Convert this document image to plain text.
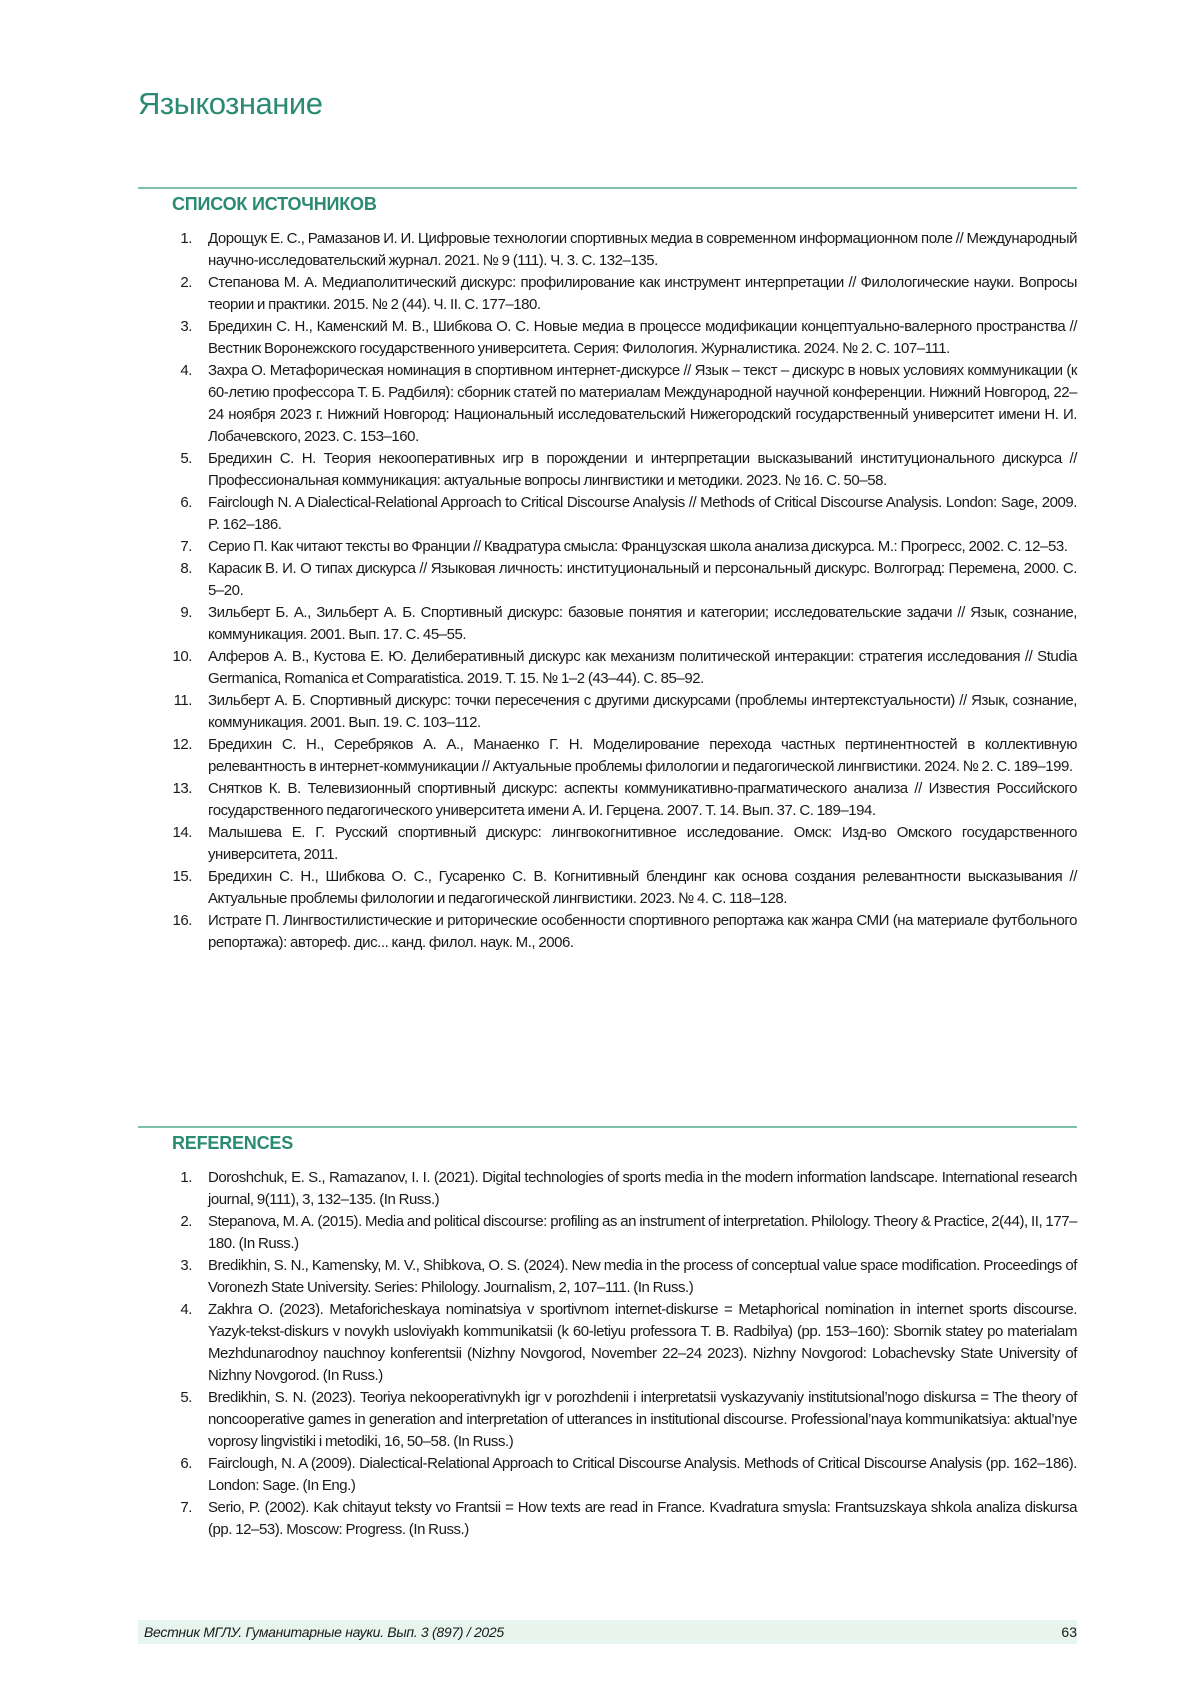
Языкознание
СПИСОК ИСТОЧНИКОВ
1.	Дорощук Е. С., Рамазанов И. И. Цифровые технологии спортивных медиа в современном информационном поле // Международный научно-исследовательский журнал. 2021. № 9 (111). Ч. 3. С. 132–135.
2.	Степанова М. А. Медиаполитический дискурс: профилирование как инструмент интерпретации // Филологические науки. Вопросы теории и практики. 2015. № 2 (44). Ч. II. С. 177–180.
3.	Бредихин С. Н., Каменский М. В., Шибкова О. С. Новые медиа в процессе модификации концептуально-валерного пространства // Вестник Воронежского государственного университета. Серия: Филология. Журналистика. 2024. № 2. С. 107–111.
4.	Захра О. Метафорическая номинация в спортивном интернет-дискурсе // Язык – текст – дискурс в новых условиях коммуникации (к 60-летию профессора Т. Б. Радбиля): сборник статей по материалам Международной научной конференции. Нижний Новгород, 22–24 ноября 2023 г. Нижний Новгород: Национальный исследовательский Нижегородский государственный университет имени Н. И. Лобачевского, 2023. С. 153–160.
5.	Бредихин С. Н. Теория некооперативных игр в порождении и интерпретации высказываний институционального дискурса // Профессиональная коммуникация: актуальные вопросы лингвистики и методики. 2023. № 16. С. 50–58.
6.	Fairclough N. A Dialectical-Relational Approach to Critical Discourse Analysis // Methods of Critical Discourse Analysis. London: Sage, 2009. P. 162–186.
7.	Серио П. Как читают тексты во Франции // Квадратура смысла: Французская школа анализа дискурса. М.: Прогресс, 2002. С. 12–53.
8.	Карасик В. И. О типах дискурса // Языковая личность: институциональный и персональный дискурс. Волгоград: Перемена, 2000. С. 5–20.
9.	Зильберт Б. А., Зильберт А. Б. Спортивный дискурс: базовые понятия и категории; исследовательские задачи // Язык, сознание, коммуникация. 2001. Вып. 17. С. 45–55.
10.	Алферов А. В., Кустова Е. Ю. Делиберативный дискурс как механизм политической интеракции: стратегия исследования // Studia Germanica, Romanica et Comparatistica. 2019. Т. 15. № 1–2 (43–44). С. 85–92.
11.	Зильберт А. Б. Спортивный дискурс: точки пересечения с другими дискурсами (проблемы интертекстуальности) // Язык, сознание, коммуникация. 2001. Вып. 19. С. 103–112.
12.	Бредихин С. Н., Серебряков А. А., Манаенко Г. Н. Моделирование перехода частных пертинентностей в коллективную релевантность в интернет-коммуникации // Актуальные проблемы филологии и педагогической лингвистики. 2024. № 2. С. 189–199.
13.	Снятков К. В. Телевизионный спортивный дискурс: аспекты коммуникативно-прагматического анализа // Известия Российского государственного педагогического университета имени А. И. Герцена. 2007. Т. 14. Вып. 37. С. 189–194.
14.	Малышева Е. Г. Русский спортивный дискурс: лингвокогнитивное исследование. Омск: Изд-во Омского государственного университета, 2011.
15.	Бредихин С. Н., Шибкова О. С., Гусаренко С. В. Когнитивный блендинг как основа создания релевантности высказывания // Актуальные проблемы филологии и педагогической лингвистики. 2023. № 4. С. 118–128.
16.	Истрате П. Лингвостилистические и риторические особенности спортивного репортажа как жанра СМИ (на материале футбольного репортажа): автореф. дис... канд. филол. наук. М., 2006.
REFERENCES
1.	Doroshchuk, E. S., Ramazanov, I. I. (2021). Digital technologies of sports media in the modern information landscape. International research journal, 9(111), 3, 132–135. (In Russ.)
2.	Stepanova, M. A. (2015). Media and political discourse: profiling as an instrument of interpretation. Philology. Theory & Practice, 2(44), II, 177–180. (In Russ.)
3.	Bredikhin, S. N., Kamensky, M. V., Shibkova, O. S. (2024). New media in the process of conceptual value space modification. Proceedings of Voronezh State University. Series: Philology. Journalism, 2, 107–111. (In Russ.)
4.	Zakhra O. (2023). Metaforicheskaya nominatsiya v sportivnom internet-diskurse = Metaphorical nomination in internet sports discourse. Yazyk-tekst-diskurs v novykh usloviyakh kommunikatsii (k 60-letiyu professora T. B. Radbilya) (pp. 153–160): Sbornik statey po materialam Mezhdunarodnoy nauchnoy konferentsii (Nizhny Novgorod, November 22–24 2023). Nizhny Novgorod: Lobachevsky State University of Nizhny Novgorod. (In Russ.)
5.	Bredikhin, S. N. (2023). Teoriya nekooperativnykh igr v porozhdenii i interpretatsii vyskazyvaniy institutsional’nogo diskursa = The theory of noncooperative games in generation and interpretation of utterances in institutional discourse. Professional’naya kommunikatsiya: aktual’nye voprosy lingvistiki i metodiki, 16, 50–58. (In Russ.)
6.	Fairclough, N. A (2009). Dialectical-Relational Approach to Critical Discourse Analysis. Methods of Critical Discourse Analysis (pp. 162–186). London: Sage. (In Eng.)
7.	Serio, P. (2002). Kak chitayut teksty vo Frantsii = How texts are read in France. Kvadratura smysla: Frantsuzskaya shkola analiza diskursa (pp. 12–53). Moscow: Progress. (In Russ.)
Вестник МГЛУ. Гуманитарные науки. Вып. 3 (897) / 2025	63
